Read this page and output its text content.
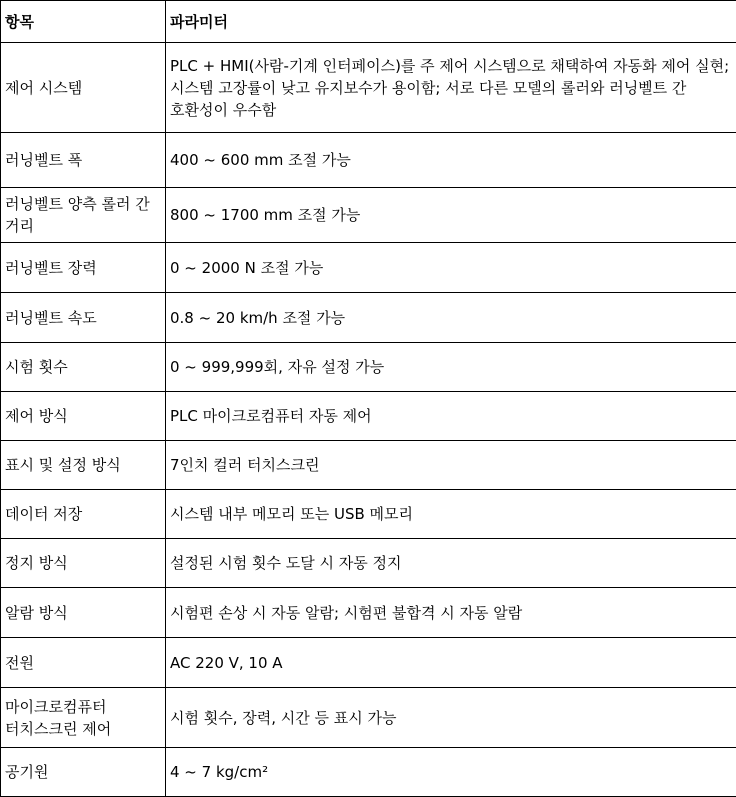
항목	파라미터
제어 시스템	PLC + HMI(사람-기계 인터페이스)를 주 제어 시스템으로 채택하여 자동화 제어 실현; 시스템 고장률이 낮고 유지보수가 용이함; 서로 다른 모델의 롤러와 러닝벨트 간 호환성이 우수함
러닝벨트 폭	400 ~ 600 mm 조절 가능
러닝벨트 양측 롤러 간 거리	800 ~ 1700 mm 조절 가능
러닝벨트 장력	0 ~ 2000 N 조절 가능
러닝벨트 속도	0.8 ~ 20 km/h 조절 가능
시험 횟수	0 ~ 999,999회, 자유 설정 가능
제어 방식	PLC 마이크로컴퓨터 자동 제어
표시 및 설정 방식	7인치 컬러 터치스크린
데이터 저장	시스템 내부 메모리 또는 USB 메모리
정지 방식	설정된 시험 횟수 도달 시 자동 정지
알람 방식	시험편 손상 시 자동 알람; 시험편 불합격 시 자동 알람
전원	AC 220 V, 10 A
마이크로컴퓨터 터치스크린 제어	시험 횟수, 장력, 시간 등 표시 가능
공기원	4 ~ 7 kg/cm²
